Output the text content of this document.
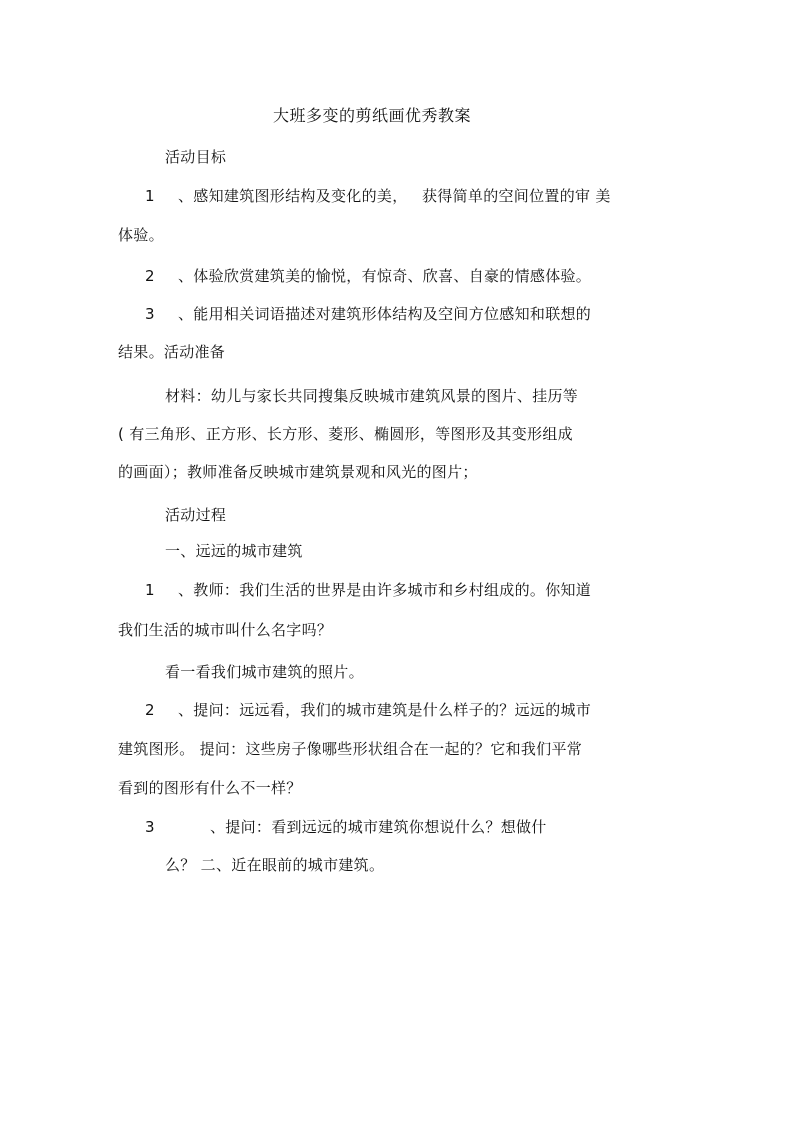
大班多变的剪纸画优秀教案
活动目标
1 、感知建筑图形结构及变化的美， 获得简单的空间位置的审 美
体验。
2 、体验欣赏建筑美的愉悦，有惊奇、欣喜、自豪的情感体验。
3 、能用相关词语描述对建筑形体结构及空间方位感知和联想的
结果。活动准备
材料：幼儿与家长共同搜集反映城市建筑风景的图片、挂历等
( 有三角形、正方形、长方形、菱形、椭圆形，等图形及其变形组成
的画面）；教师准备反映城市建筑景观和风光的图片；
活动过程
一、远远的城市建筑
1 、教师：我们生活的世界是由许多城市和乡村组成的。你知道
我们生活的城市叫什么名字吗？
看一看我们城市建筑的照片。
2 、提问：远远看，我们的城市建筑是什么样子的？远远的城市
建筑图形。 提问：这些房子像哪些形状组合在一起的？它和我们平常
看到的图形有什么不一样？
3	、提问：看到远远的城市建筑你想说什么？想做什
么？ 二、近在眼前的城市建筑。
